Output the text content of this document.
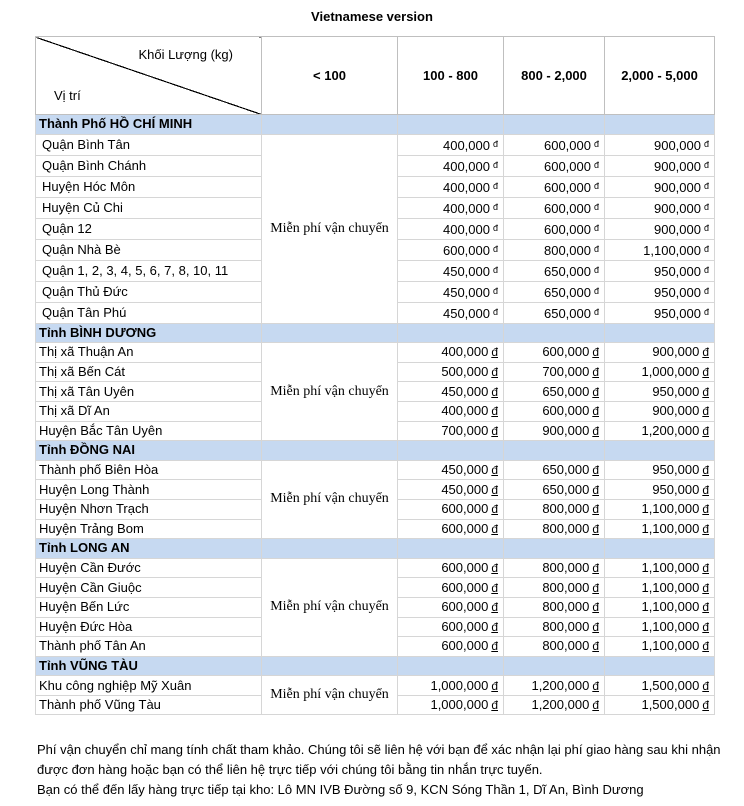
Vietnamese version
Khối Lượng (kg)
Vị trí	< 100	100 - 800	800 - 2,000	2,000 - 5,000
Thành Phố HỒ CHÍ MINH				
Quận Bình Tân	Miễn phí vận chuyển	400,000 $^đ$	600,000 $^đ$	900,000 $^đ$
Quận Bình Chánh		400,000 $^đ$	600,000 $^đ$	900,000 $^đ$
Huyện Hóc Môn		400,000 $^đ$	600,000 $^đ$	900,000 $^đ$
Huyện Củ Chi		400,000 $^đ$	600,000 $^đ$	900,000 $^đ$
Quận 12		400,000 $^đ$	600,000 $^đ$	900,000 $^đ$
Quận Nhà Bè		600,000 $^đ$	800,000 $^đ$	1,100,000 $^đ$
Quận 1, 2, 3, 4, 5, 6, 7, 8, 10, 11		450,000 $^đ$	650,000 $^đ$	950,000 $^đ$
Quận Thủ Đức		450,000 $^đ$	650,000 $^đ$	950,000 $^đ$
Quận Tân Phú		450,000 $^đ$	650,000 $^đ$	950,000 $^đ$
Tỉnh BÌNH DƯƠNG				
Thị xã Thuận An	Miễn phí vận chuyển	400,000 đ	600,000 đ	900,000 đ
Thị xã Bến Cát		500,000 đ	700,000 đ	1,000,000 đ
Thị xã Tân Uyên		450,000 đ	650,000 đ	950,000 đ
Thị xã Dĩ An		400,000 đ	600,000 đ	900,000 đ
Huyện Bắc Tân Uyên		700,000 đ	900,000 đ	1,200,000 đ
Tỉnh ĐỒNG NAI				
Thành phố Biên Hòa	Miễn phí vận chuyển	450,000 đ	650,000 đ	950,000 đ
Huyện Long Thành		450,000 đ	650,000 đ	950,000 đ
Huyện Nhơn Trạch		600,000 đ	800,000 đ	1,100,000 đ
Huyện Trảng Bom		600,000 đ	800,000 đ	1,100,000 đ
Tỉnh LONG AN				
Huyện Cần Đước	Miễn phí vận chuyển	600,000 đ	800,000 đ	1,100,000 đ
Huyện Cần Giuộc		600,000 đ	800,000 đ	1,100,000 đ
Huyện Bến Lức		600,000 đ	800,000 đ	1,100,000 đ
Huyện Đức Hòa		600,000 đ	800,000 đ	1,100,000 đ
Thành phố Tân An		600,000 đ	800,000 đ	1,100,000 đ
Tỉnh VŨNG TÀU				
Khu công nghiệp Mỹ Xuân	Miễn phí vận chuyển	1,000,000 đ	1,200,000 đ	1,500,000 đ
Thành phố Vũng Tàu		1,000,000 đ	1,200,000 đ	1,500,000 đ

Phí vận chuyển chỉ mang tính chất tham khảo. Chúng tôi sẽ liên hệ với bạn để xác nhận lại phí giao hàng sau khi nhận được đơn hàng hoặc bạn có thể liên hệ trực tiếp với chúng tôi bằng tin nhắn trực tuyến.

Bạn có thể đến lấy hàng trực tiếp tại kho: Lô MN IVB Đường số 9, KCN Sóng Thần 1, Dĩ An, Bình Dương
